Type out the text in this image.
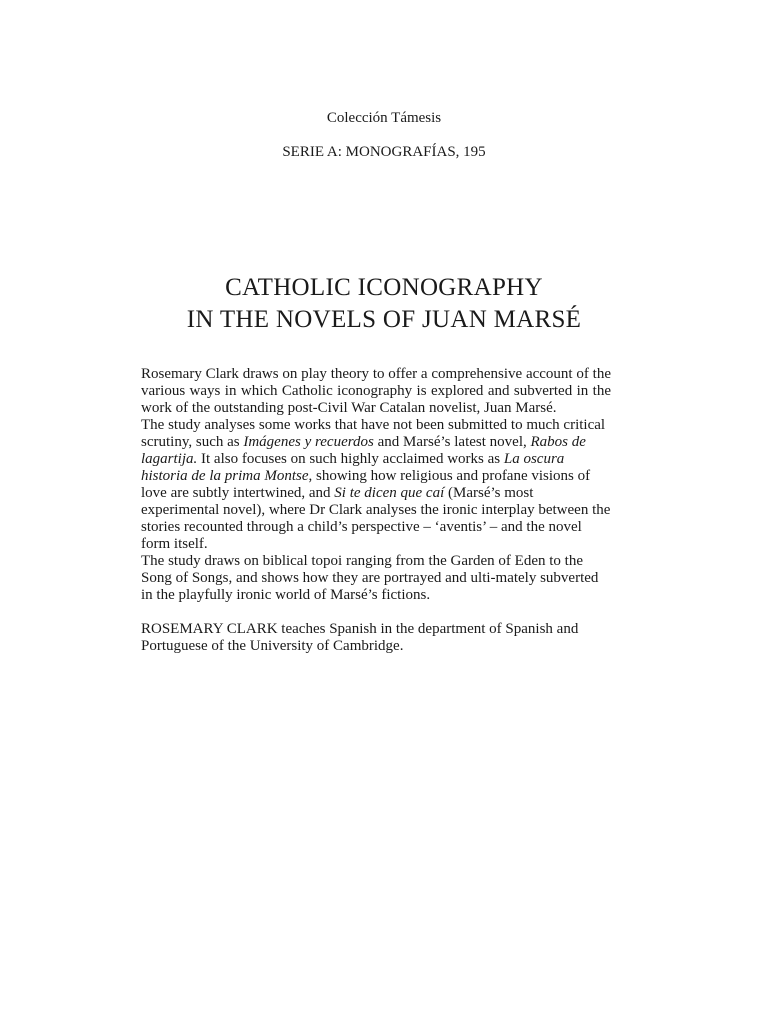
Colección Támesis

SERIE A: MONOGRAFÍAS, 195

CATHOLIC ICONOGRAPHY
IN THE NOVELS OF JUAN MARSÉ

Rosemary Clark draws on play theory to offer a comprehensive account of the various ways in which Catholic iconography is explored and subverted in the work of the outstanding post-Civil War Catalan novelist, Juan Marsé.

The study analyses some works that have not been submitted to much critical scrutiny, such as Imágenes y recuerdos and Marsé’s latest novel, Rabos de lagartija. It also focuses on such highly acclaimed works as La oscura historia de la prima Montse, showing how religious and profane visions of love are subtly intertwined, and Si te dicen que caí (Marsé’s most experimental novel), where Dr Clark analyses the ironic interplay between the stories recounted through a child’s perspective – ‘aventis’ – and the novel form itself.

The study draws on biblical topoi ranging from the Garden of Eden to the Song of Songs, and shows how they are portrayed and ulti-mately subverted in the playfully ironic world of Marsé’s fictions.

ROSEMARY CLARK teaches Spanish in the department of Spanish and Portuguese of the University of Cambridge.
